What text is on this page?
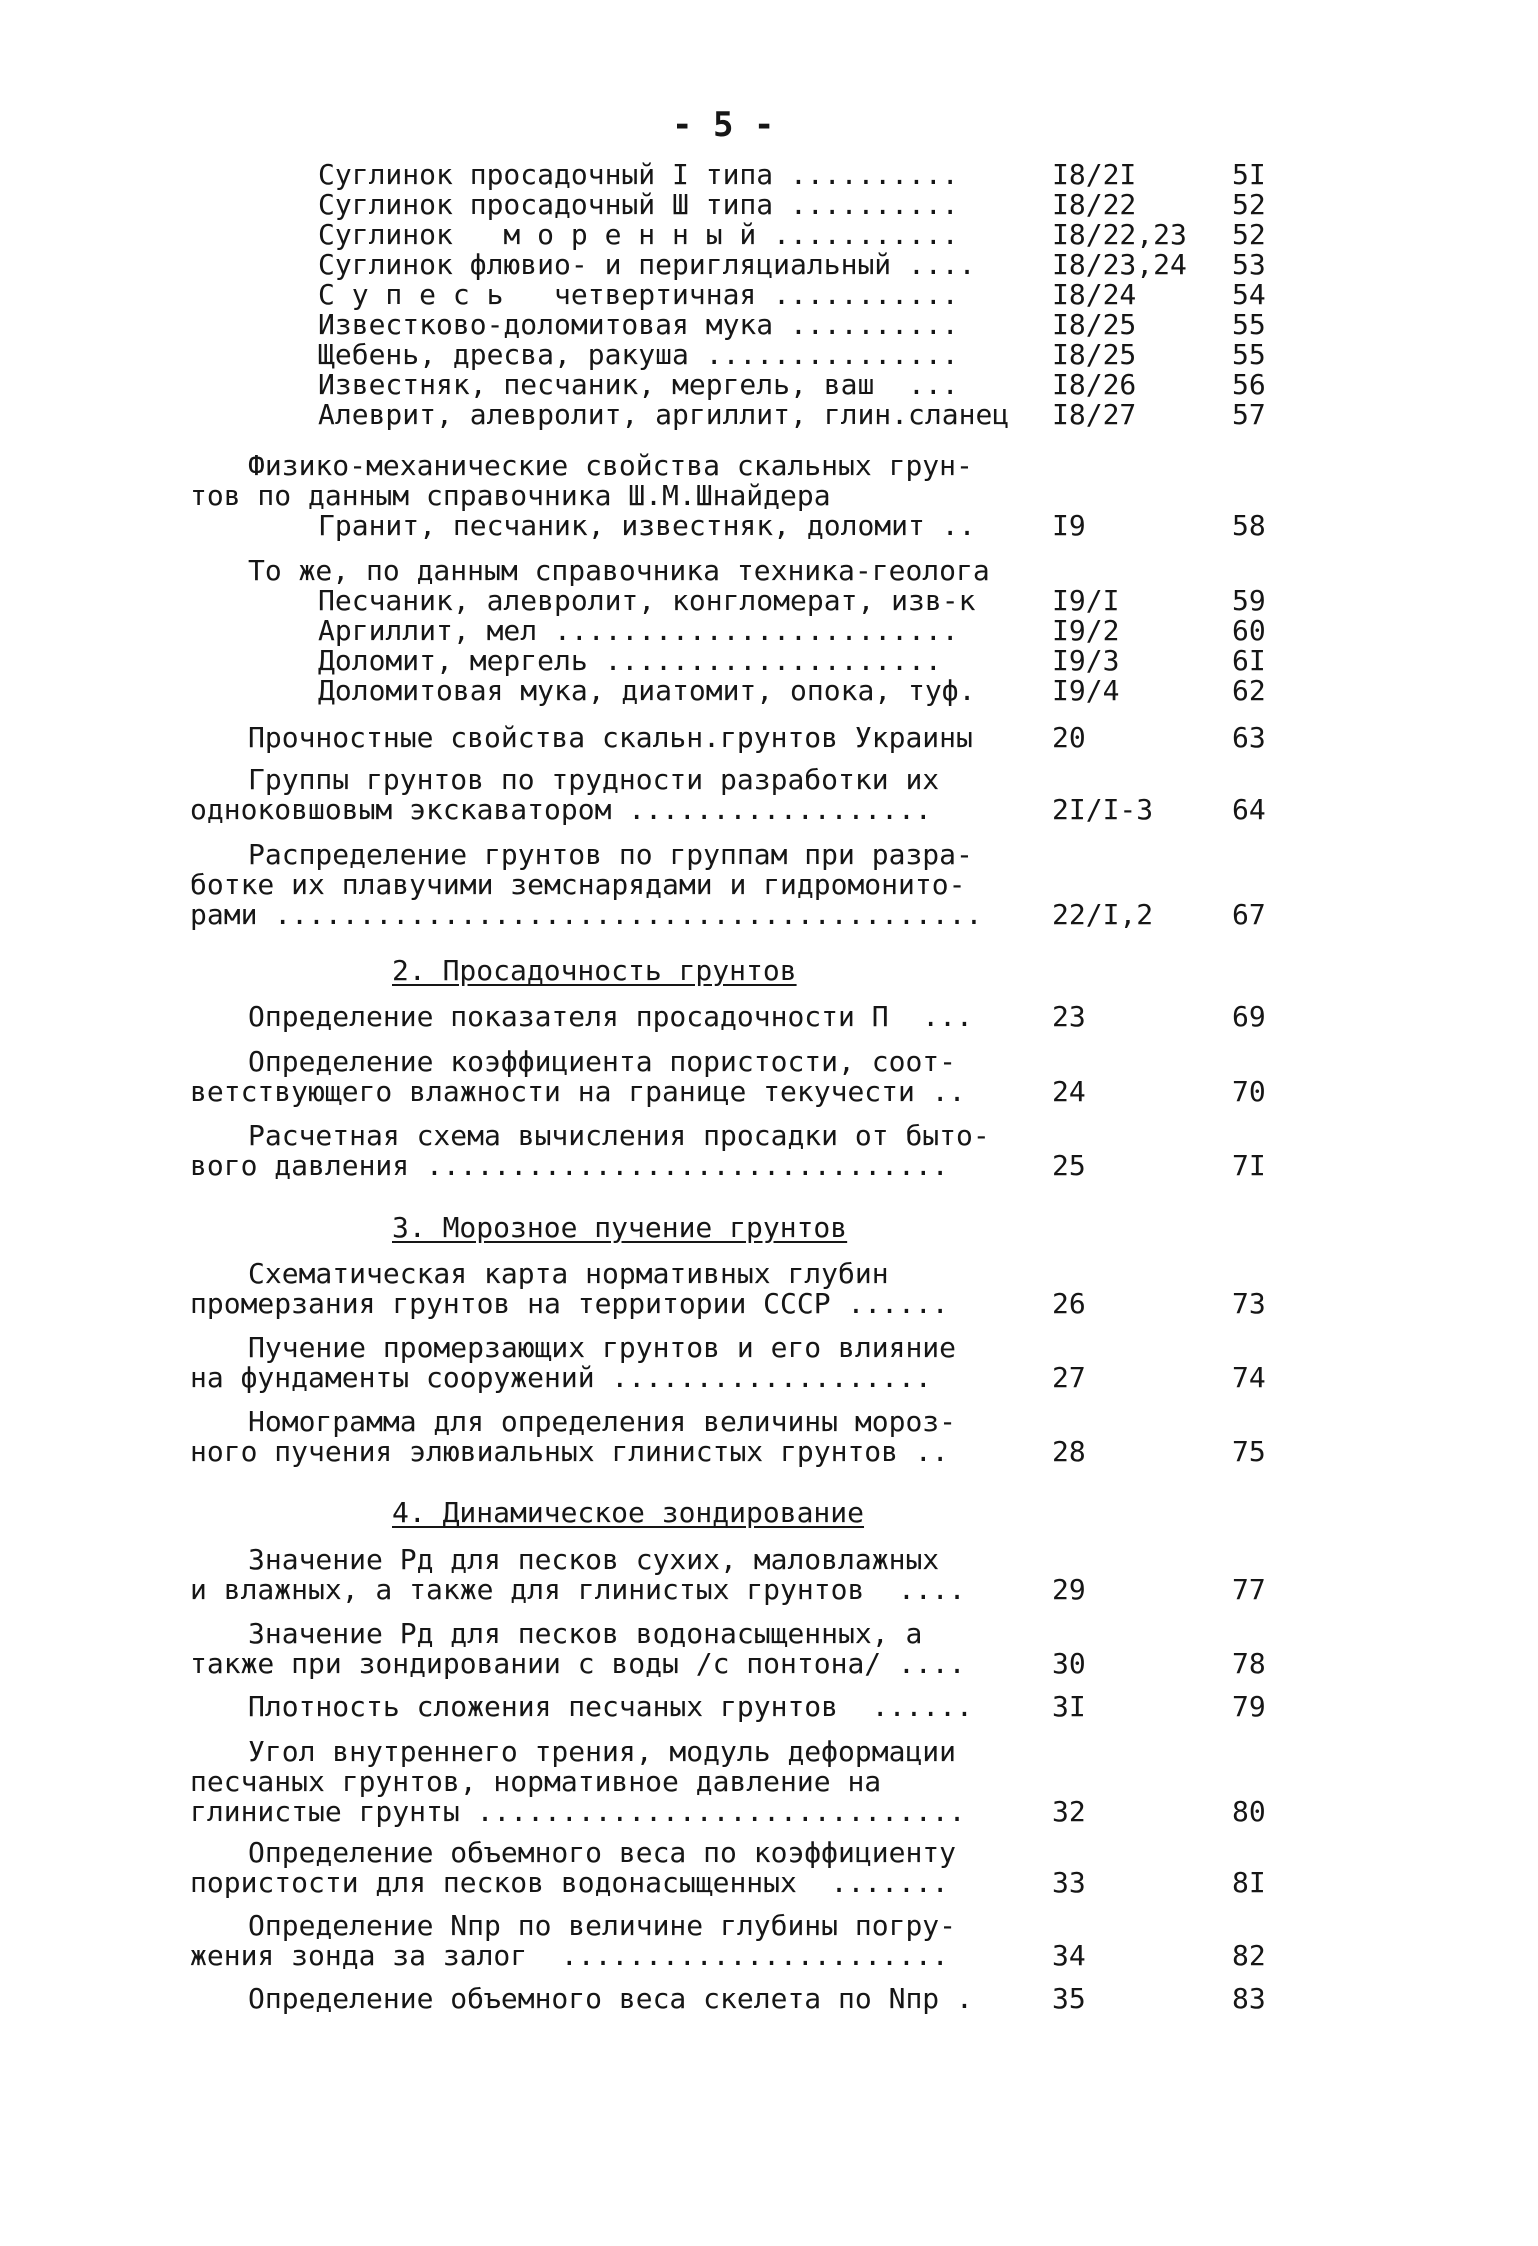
- 5 -
Суглинок просадочный I типа ..........	I8/2I	5I
Суглинок просадочный Ш типа ..........	I8/22	52
Суглинок   м о р е н н ы й ...........	I8/22,23 52
Суглинок флювио- и перигляциальный ....	I8/23,24 53
С у п е с ь   четвертичная ...........	I8/24	54
Известково-доломитовая мука ..........	I8/25	55
Щебень, дресва, ракуша ...............	I8/25	55
Известняк, песчаник, мергель, ваш  ...	I8/26	56
Алеврит, алевролит, аргиллит, глин.сланец I8/27	57
Физико-механические свойства скальных грун-
тов по данным справочника Ш.М.Шнайдера
Гранит, песчаник, известняк, доломит ..	I9	58
То же, по данным справочника техника-геолога
Песчаник, алевролит, конгломерат, изв-к	I9/I	59
Аргиллит, мел ........................	I9/2	60
Доломит, мергель ....................	I9/3	6I
Доломитовая мука, диатомит, опока, туф.	I9/4	62
Прочностные свойства скальн.грунтов Украины	20	63
Группы грунтов по трудности разработки их
одноковшовым экскаватором ..................	2I/I-3	64
Распределение грунтов по группам при разра-
ботке их плавучими земснарядами и гидромонито-
рами .......................................... 22/I,2	67
2. Просадочность грунтов
Определение показателя просадочности П  ...	23	69
Определение коэффициента пористости, соот-
ветствующего влажности на границе текучести ..	24	70
Расчетная схема вычисления просадки от быто-
вого давления ...............................	25	7I
3. Морозное пучение грунтов
Схематическая карта нормативных глубин
промерзания грунтов на территории СССР ......	26	73
Пучение промерзающих грунтов и его влияние
на фундаменты сооружений ...................	27	74
Номограмма для определения величины мороз-
ного пучения элювиальных глинистых грунтов ..	28	75
4. Динамическое зондирование
Значение Рд для песков сухих, маловлажных
и влажных, а также для глинистых грунтов  ....	29	77
Значение Рд для песков водонасыщенных, а
также при зондировании с воды /с понтона/ ....	30	78
Плотность сложения песчаных грунтов  ......	3I	79
Угол внутреннего трения, модуль деформации
песчаных грунтов, нормативное давление на
глинистые грунты .............................	32	80
Определение объемного веса по коэффициенту
пористости для песков водонасыщенных  .......	33	8I
Определение Nпр по величине глубины погру-
жения зонда за залог  .......................	34	82
Определение объемного веса скелета по Nпр .	35	83
